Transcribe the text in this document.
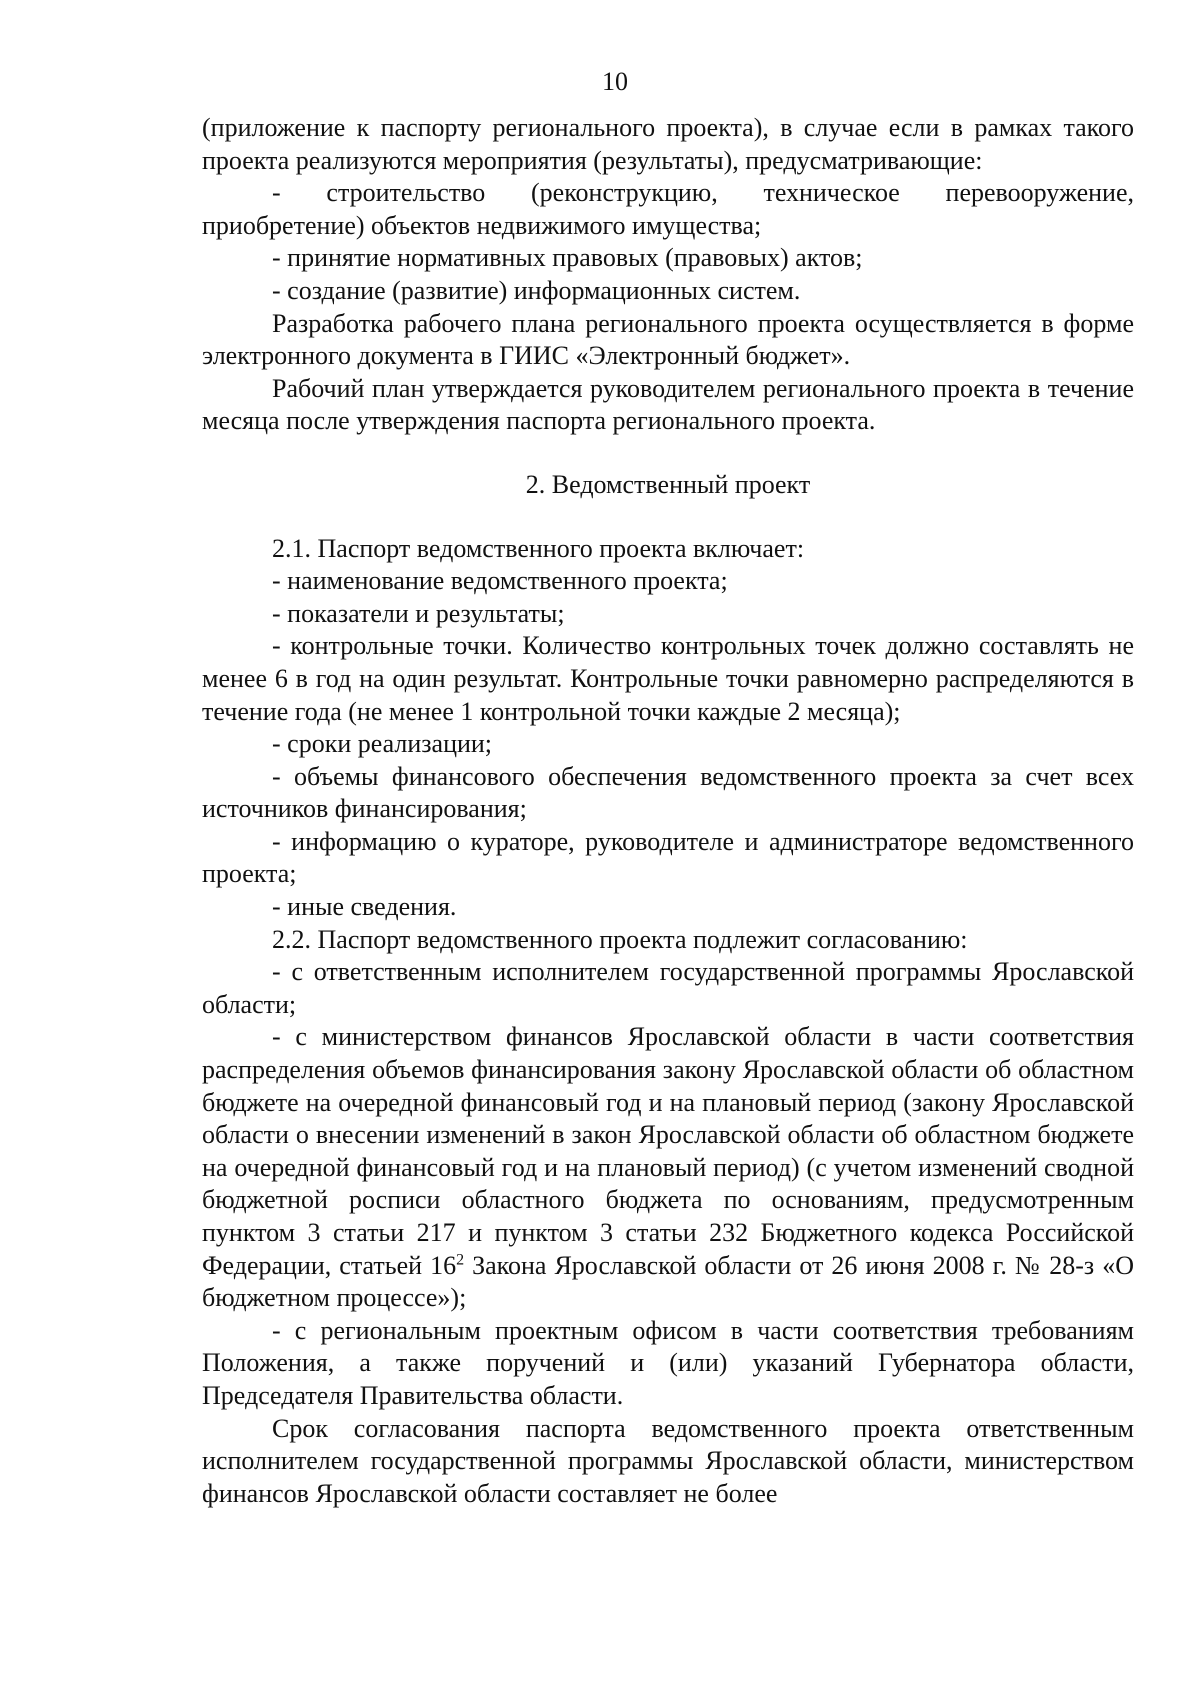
10

(приложение к паспорту регионального проекта), в случае если в рамках такого проекта реализуются мероприятия (результаты), предусматривающие:

- строительство (реконструкцию, техническое перевооружение, приобретение) объектов недвижимого имущества;

- принятие нормативных правовых (правовых) актов;

- создание (развитие) информационных систем.

Разработка рабочего плана регионального проекта осуществляется в форме электронного документа в ГИИС «Электронный бюджет».

Рабочий план утверждается руководителем регионального проекта в течение месяца после утверждения паспорта регионального проекта.

2. Ведомственный проект

2.1. Паспорт ведомственного проекта включает:

- наименование ведомственного проекта;

- показатели и результаты;

- контрольные точки. Количество контрольных точек должно составлять не менее 6 в год на один результат. Контрольные точки равномерно распределяются в течение года (не менее 1 контрольной точки каждые 2 месяца);

- сроки реализации;

- объемы финансового обеспечения ведомственного проекта за счет всех источников финансирования;

- информацию о кураторе, руководителе и администраторе ведомственного проекта;

- иные сведения.

2.2. Паспорт ведомственного проекта подлежит согласованию:

- с ответственным исполнителем государственной программы Ярославской области;

- с министерством финансов Ярославской области в части соответствия распределения объемов финансирования закону Ярославской области об областном бюджете на очередной финансовый год и на плановый период (закону Ярославской области о внесении изменений в закон Ярославской области об областном бюджете на очередной финансовый год и на плановый период) (с учетом изменений сводной бюджетной росписи областного бюджета по основаниям, предусмотренным пунктом 3 статьи 217 и пунктом 3 статьи 232 Бюджетного кодекса Российской Федерации, статьей $16^2$ Закона Ярославской области от 26 июня 2008 г. № 28-з «О бюджетном процессе»);

- с региональным проектным офисом в части соответствия требованиям Положения, а также поручений и (или) указаний Губернатора области, Председателя Правительства области.

Срок согласования паспорта ведомственного проекта ответственным исполнителем государственной программы Ярославской области, министерством финансов Ярославской области составляет не более
